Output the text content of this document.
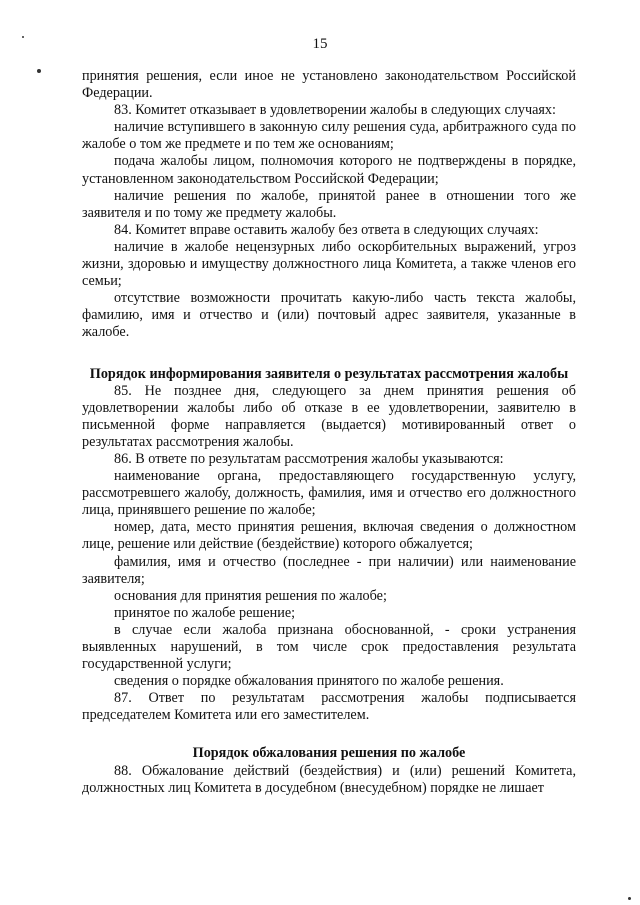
15

принятия решения, если иное не установлено законодательством Российской Федерации.

83. Комитет отказывает в удовлетворении жалобы в следующих случаях:

наличие вступившего в законную силу решения суда, арбитражного суда по жалобе о том же предмете и по тем же основаниям;

подача жалобы лицом, полномочия которого не подтверждены в порядке, установленном законодательством Российской Федерации;

наличие решения по жалобе, принятой ранее в отношении того же заявителя и по тому же предмету жалобы.

84. Комитет вправе оставить жалобу без ответа в следующих случаях:

наличие в жалобе нецензурных либо оскорбительных выражений, угроз жизни, здоровью и имуществу должностного лица Комитета, а также членов его семьи;

отсутствие возможности прочитать какую-либо часть текста жалобы, фамилию, имя и отчество и (или) почтовый адрес заявителя, указанные в жалобе.

Порядок информирования заявителя о результатах рассмотрения жалобы

85. Не позднее дня, следующего за днем принятия решения об удовлетворении жалобы либо об отказе в ее удовлетворении, заявителю в письменной форме направляется (выдается) мотивированный ответ о результатах рассмотрения жалобы.

86. В ответе по результатам рассмотрения жалобы указываются:

наименование органа, предоставляющего государственную услугу, рассмотревшего жалобу, должность, фамилия, имя и отчество его должностного лица, принявшего решение по жалобе;

номер, дата, место принятия решения, включая сведения о должностном лице, решение или действие (бездействие) которого обжалуется;

фамилия, имя и отчество (последнее - при наличии) или наименование заявителя;

основания для принятия решения по жалобе;

принятое по жалобе решение;

в случае если жалоба признана обоснованной, - сроки устранения выявленных нарушений, в том числе срок предоставления результата государственной услуги;

сведения о порядке обжалования принятого по жалобе решения.

87. Ответ по результатам рассмотрения жалобы подписывается председателем Комитета или его заместителем.

Порядок обжалования решения по жалобе

88. Обжалование действий (бездействия) и (или) решений Комитета, должностных лиц Комитета в досудебном (внесудебном) порядке не лишает
